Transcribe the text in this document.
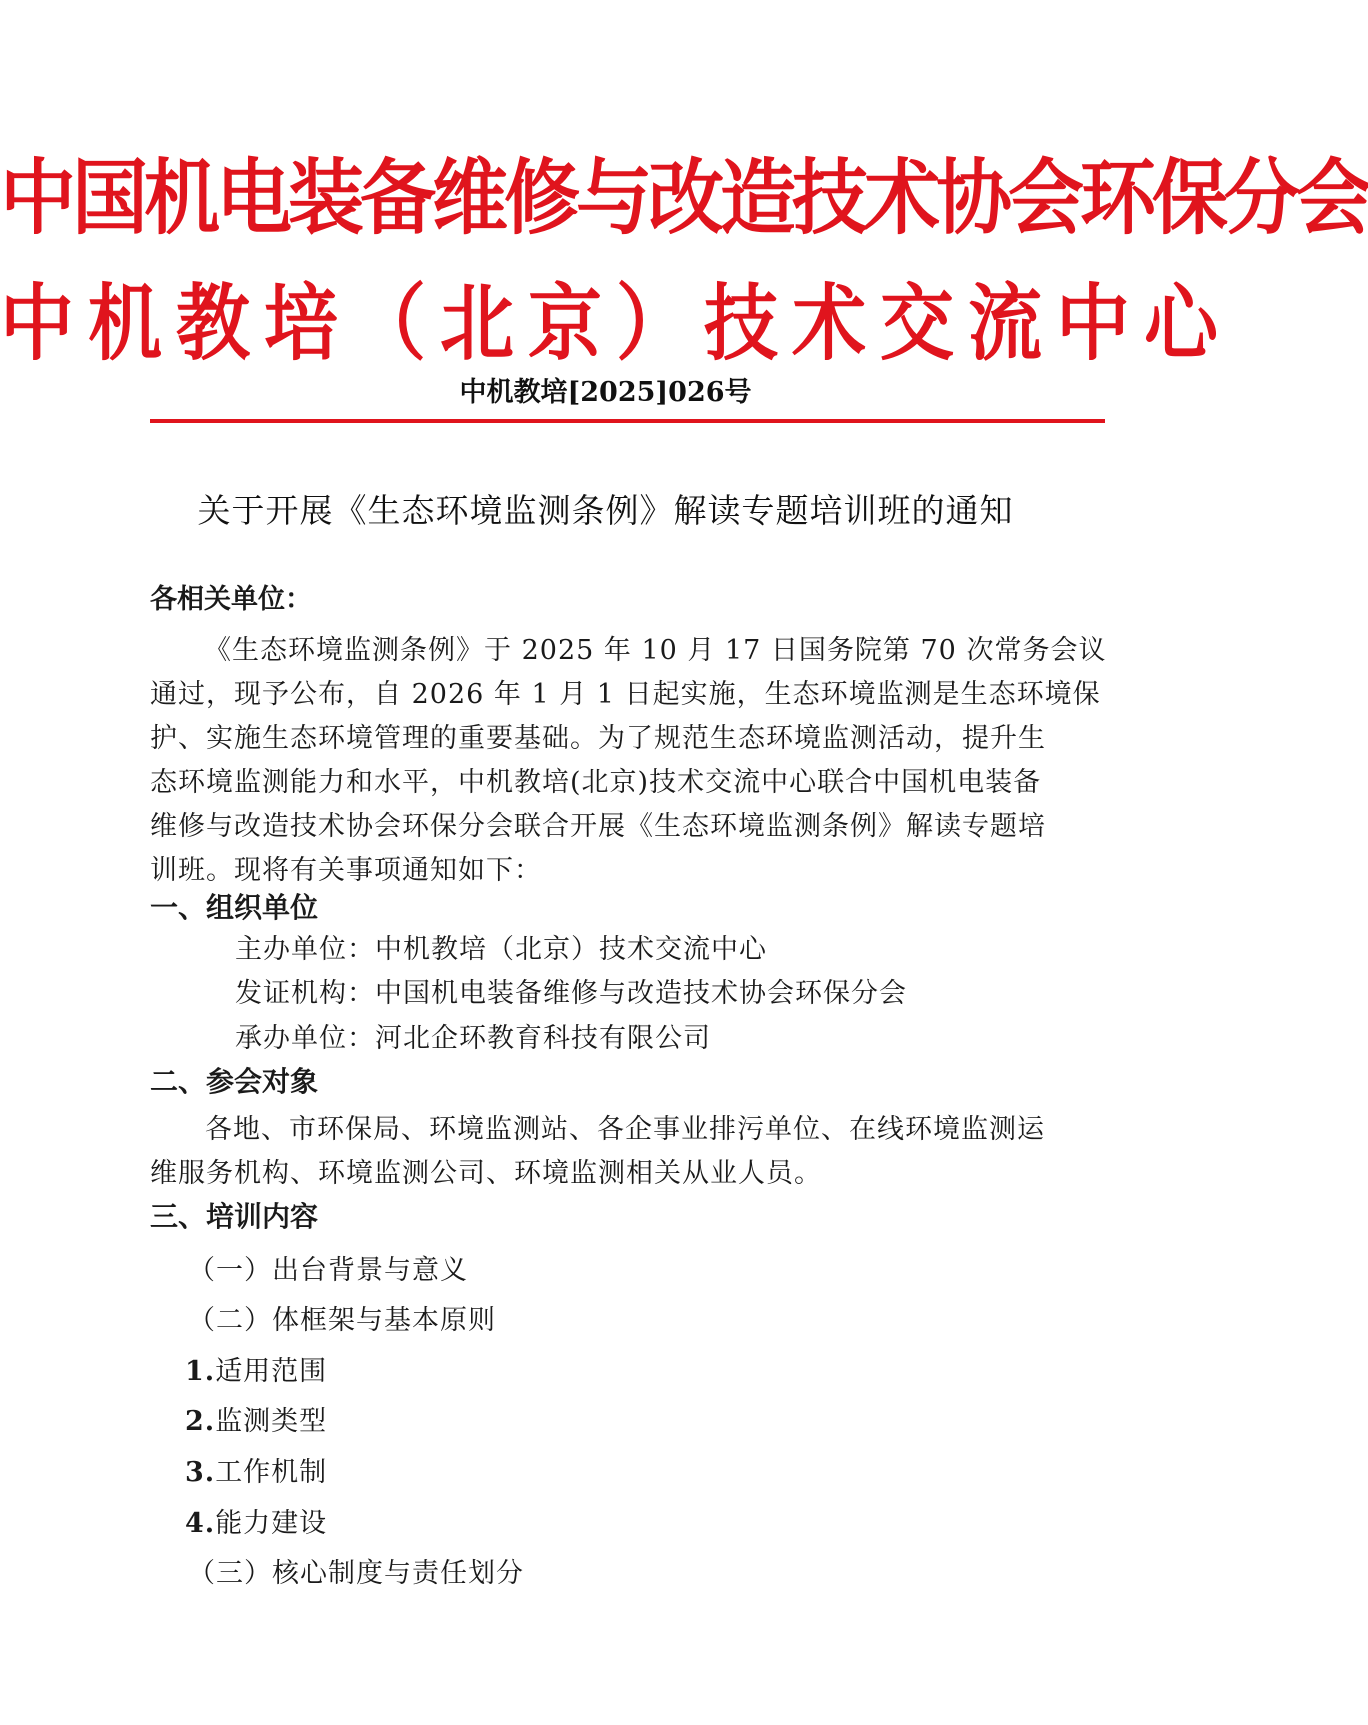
中国机电装备维修与改造技术协会环保分会
中机教培（北京）技术交流中心
中机教培[2025]026号
关于开展《生态环境监测条例》解读专题培训班的通知
各相关单位：
《生态环境监测条例》于 2025 年 10 月 17 日国务院第 70 次常务会议
通过，现予公布，自 2026 年 1 月 1 日起实施，生态环境监测是生态环境保
护、实施生态环境管理的重要基础。为了规范生态环境监测活动，提升生
态环境监测能力和水平，中机教培(北京)技术交流中心联合中国机电装备
维修与改造技术协会环保分会联合开展《生态环境监测条例》解读专题培
训班。现将有关事项通知如下：
一、组织单位
主办单位：中机教培（北京）技术交流中心
发证机构：中国机电装备维修与改造技术协会环保分会
承办单位：河北企环教育科技有限公司
二、参会对象
各地、市环保局、环境监测站、各企事业排污单位、在线环境监测运
维服务机构、环境监测公司、环境监测相关从业人员。
三、培训内容
（一）出台背景与意义
（二）体框架与基本原则
1.适用范围
2.监测类型
3.工作机制
4.能力建设
（三）核心制度与责任划分
